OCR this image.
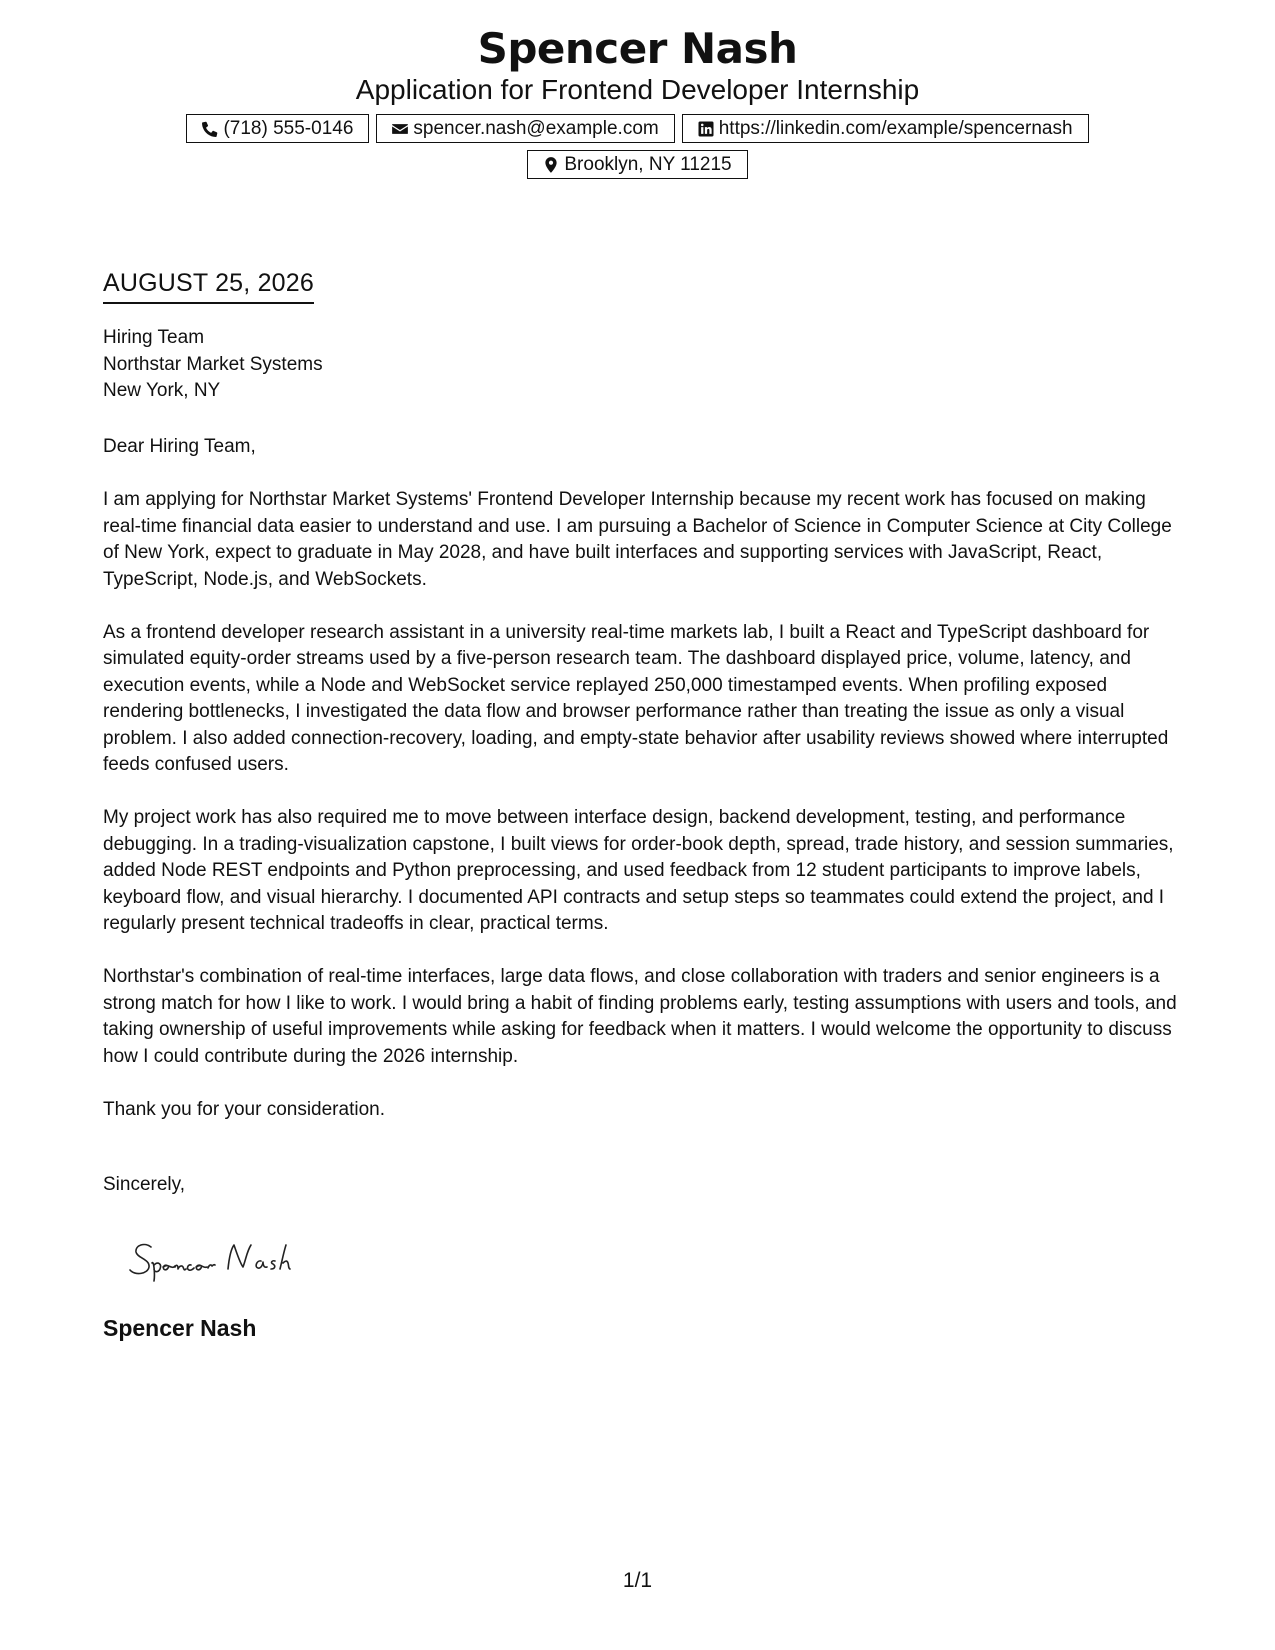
Spencer Nash
Application for Frontend Developer Internship
(718) 555-0146	spencer.nash@example.com	https://linkedin.com/example/spencernash
Brooklyn, NY 11215
AUGUST 25, 2026
Hiring Team
Northstar Market Systems
New York, NY

Dear Hiring Team,

I am applying for Northstar Market Systems' Frontend Developer Internship because my recent work has focused on making real-time financial data easier to understand and use. I am pursuing a Bachelor of Science in Computer Science at City College of New York, expect to graduate in May 2028, and have built interfaces and supporting services with JavaScript, React, TypeScript, Node.js, and WebSockets.

As a frontend developer research assistant in a university real-time markets lab, I built a React and TypeScript dashboard for simulated equity-order streams used by a five-person research team. The dashboard displayed price, volume, latency, and execution events, while a Node and WebSocket service replayed 250,000 timestamped events. When profiling exposed rendering bottlenecks, I investigated the data flow and browser performance rather than treating the issue as only a visual problem. I also added connection-recovery, loading, and empty-state behavior after usability reviews showed where interrupted feeds confused users.

My project work has also required me to move between interface design, backend development, testing, and performance debugging. In a trading-visualization capstone, I built views for order-book depth, spread, trade history, and session summaries, added Node REST endpoints and Python preprocessing, and used feedback from 12 student participants to improve labels, keyboard flow, and visual hierarchy. I documented API contracts and setup steps so teammates could extend the project, and I regularly present technical tradeoffs in clear, practical terms.

Northstar's combination of real-time interfaces, large data flows, and close collaboration with traders and senior engineers is a strong match for how I like to work. I would bring a habit of finding problems early, testing assumptions with users and tools, and taking ownership of useful improvements while asking for feedback when it matters. I would welcome the opportunity to discuss how I could contribute during the 2026 internship.

Thank you for your consideration.

Sincerely,
Spencer Nash
1/1
